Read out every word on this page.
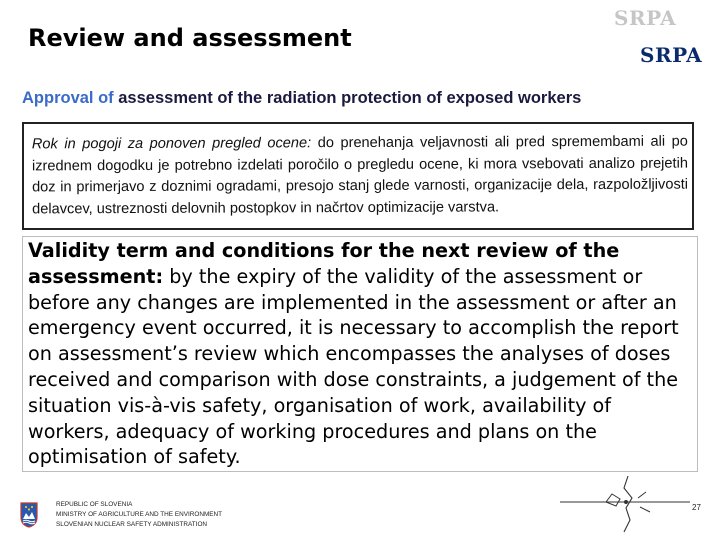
Review and assessment
SRPA
SRPA
Approval of assessment of the radiation protection of exposed workers
Rok in pogoji za ponoven pregled ocene: do prenehanja veljavnosti ali pred spremembami ali po izrednem dogodku je potrebno izdelati poročilo o pregledu ocene, ki mora vsebovati analizo prejetih doz in primerjavo z doznimi ogradami, presojo stanj glede varnosti, organizacije dela, razpoložljivosti delavcev, ustreznosti delovnih postopkov in načrtov optimizacije varstva.
Validity term and conditions for the next review of the assessment: by the expiry of the validity of the assessment or before any changes are implemented in the assessment or after an emergency event occurred, it is necessary to accomplish the report on assessment’s review which encompasses the analyses of doses received and comparison with dose constraints, a judgement of the situation vis-à-vis safety, organisation of work, availability of workers, adequacy of working procedures and plans on the optimisation of safety.
REPUBLIC OF SLOVENIA
MINISTRY OF AGRICULTURE AND THE ENVIRONMENT
SLOVENIAN NUCLEAR SAFETY ADMINISTRATION
27
